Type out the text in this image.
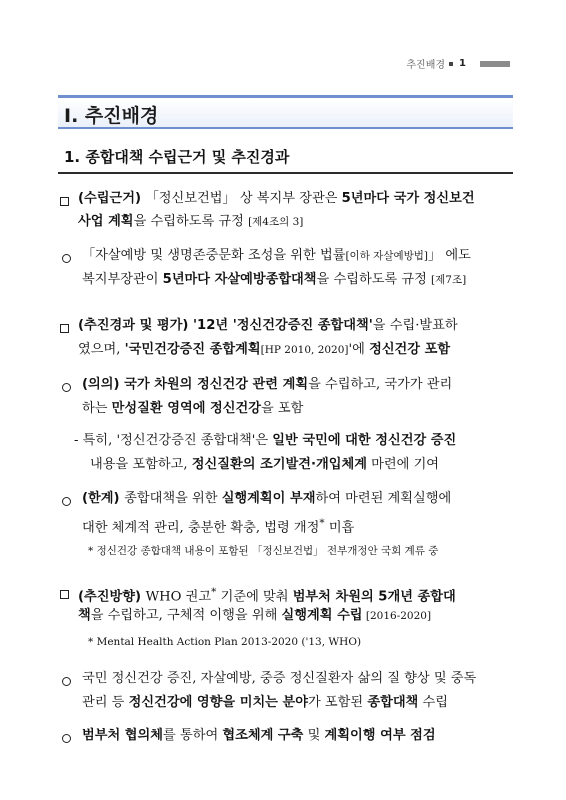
추진배경 1
Ⅰ. 추진배경
1. 종합대책 수립근거 및 추진경과
(수립근거) 「정신보건법」 상 복지부 장관은 5년마다 국가 정신보건
사업 계획을 수립하도록 규정 [제4조의 3]
「자살예방 및 생명존중문화 조성을 위한 법률[이하 자살예방법]」 에도
복지부장관이 5년마다 자살예방종합대책을 수립하도록 규정 [제7조]
(추진경과 및 평가) '12년 '정신건강증진 종합대책'을 수립·발표하
였으며, '국민건강증진 종합계획[HP 2010, 2020]'에 정신건강 포함
(의의) 국가 차원의 정신건강 관련 계획을 수립하고, 국가가 관리
하는 만성질환 영역에 정신건강을 포함
- 특히, '정신건강증진 종합대책'은 일반 국민에 대한 정신건강 증진
내용을 포함하고, 정신질환의 조기발견·개입체계 마련에 기여
(한계) 종합대책을 위한 실행계획이 부재하여 마련된 계획실행에
대한 체계적 관리, 충분한 확충, 법령 개정* 미흡
* 정신건강 종합대책 내용이 포함된 「정신보건법」 전부개정안 국회 계류 중
(추진방향) WHO 권고* 기준에 맞춰 범부처 차원의 5개년 종합대
책을 수립하고, 구체적 이행을 위해 실행계획 수립 [2016-2020]
* Mental Health Action Plan 2013-2020 ('13, WHO)
국민 정신건강 증진, 자살예방, 중증 정신질환자 삶의 질 향상 및 중독
관리 등 정신건강에 영향을 미치는 분야가 포함된 종합대책 수립
범부처 협의체를 통하여 협조체계 구축 및 계획이행 여부 점검
